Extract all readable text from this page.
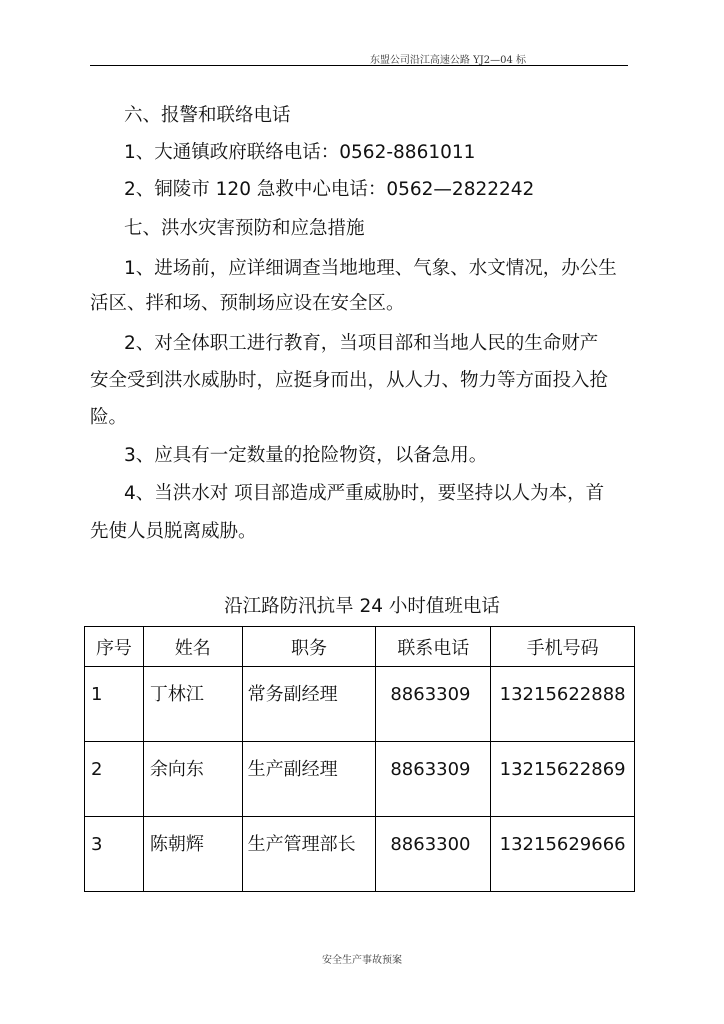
东盟公司沿江高速公路 YJ2—04 标

六、报警和联络电话

1、大通镇政府联络电话：0562-8861011

2、铜陵市 120 急救中心电话：0562—2822242

七、洪水灾害预防和应急措施

1、进场前，应详细调查当地地理、气象、水文情况，办公生

活区、拌和场、预制场应设在安全区。

2、对全体职工进行教育，当项目部和当地人民的生命财产

安全受到洪水威胁时，应挺身而出，从人力、物力等方面投入抢

险。

3、应具有一定数量的抢险物资，以备急用。

4、当洪水对 项目部造成严重威胁时，要坚持以人为本，首

先使人员脱离威胁。

沿江路防汛抗旱 24 小时值班电话
序号	姓名	职务	联系电话	手机号码
1	丁林江	常务副经理	8863309	13215622888
2	余向东	生产副经理	8863309	13215622869
3	陈朝辉	生产管理部长	8863300	13215629666
安全生产事故预案
